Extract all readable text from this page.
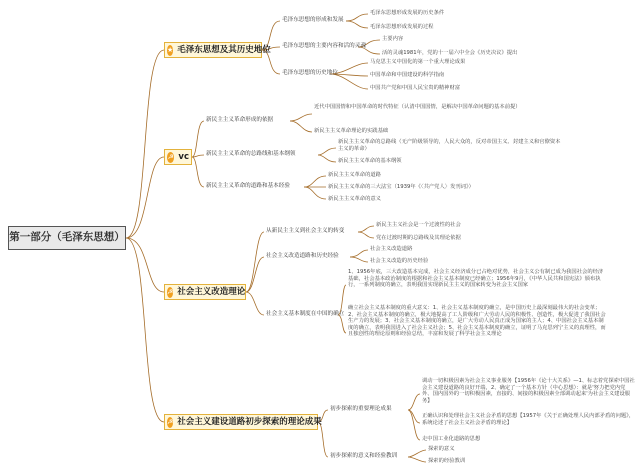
第一部分（毛泽东思想）
★ 毛泽东思想及其历史地位
毛泽东思想的形成和发展
毛泽东思想形成发展的历史条件
毛泽东思想形成发展的过程
毛泽东思想的主要内容和活的灵魂
主要内容
活的灵魂1981年，党的十一届六中全会《历史决议》提出
毛泽东思想的历史地位
马克思主义中国化的第一个重大理论成果
中国革命和中国建设的科学指南
中国共产党和中国人民宝贵的精神财富
☭ vc
新民主主义革命形成的依据
近代中国国情和中国革命的时代特征（认清中国国情，是解决中国革命问题的基本前提）
新民主主义革命理论的实践基础
新民主主义革命的总路线和基本纲领
新民主主义革命的总路线（无产阶级领导的，人民大众的，反对帝国主义、封建主义和官僚资本主义的革命）
新民主主义革命的基本纲领
新民主主义革命的道路和基本经验
新民主主义革命的道路
新民主主义革命的三大法宝（1939年《〈共产党人〉发刊词》）
新民主主义革命的意义
☭ 社会主义改造理论
从新民主主义到社会主义的转变
新民主主义社会是一个过渡性的社会
党在过渡时期的总路线及其理论依据
社会主义改造道路和历史经验
社会主义改造道路
社会主义改造的历史经验
社会主义基本制度在中国的确立
1、1956年底，三大改造基本完成，社会主义经济成分已占绝对优势，社会主义公有制已成为我国社会的经济基础，社会基本政治制度的根据和社会主义基本制度已经确立；1956年9月，《中华人民共和国宪法》颁布执行，一系列制度的确立，表明我国实现新民主主义的国家转变为社会主义国家
确立社会主义基本制度的重大意义：1、社会主义基本制度的确立，是中国历史上最深刻最伟大的社会变革；2、社会主义基本制度的确立，极大地提高了工人阶级和广大劳动人民的积极性、创造性，极大促进了我国社会生产力的发展；3、社会主义基本制度的确立，是广大劳动人民真正成为国家的主人；4、中国社会主义基本制度的确立，表明我国进入了社会主义社会；5、社会主义基本制度的确立，证明了马克思列宁主义的真理性，而且独创性的理论原则和经验总结，丰富和发展了科学社会主义理论
☭ 社会主义建设道路初步探索的理论成果
初步探索的重要理论成果
调动一切积极因素为社会主义事业服务【1956年《论十大关系》—1、标志着党探索中国社会主义建设道路的良好开端，2、确定了一个基本方针（中心思想）：就是'努力把党内党外、国内国外的一切积极因素，直接的、间接的积极因素全部调动起来'为社会主义建设服务】
正确认识和处理社会主义社会矛盾的思想【1957年《关于正确处理人民内部矛盾的问题》，系统论述了社会主义社会矛盾的理论】
走中国工业化道路的思想
初步探索的意义和经验教训
探索的意义
探索的经验教训
